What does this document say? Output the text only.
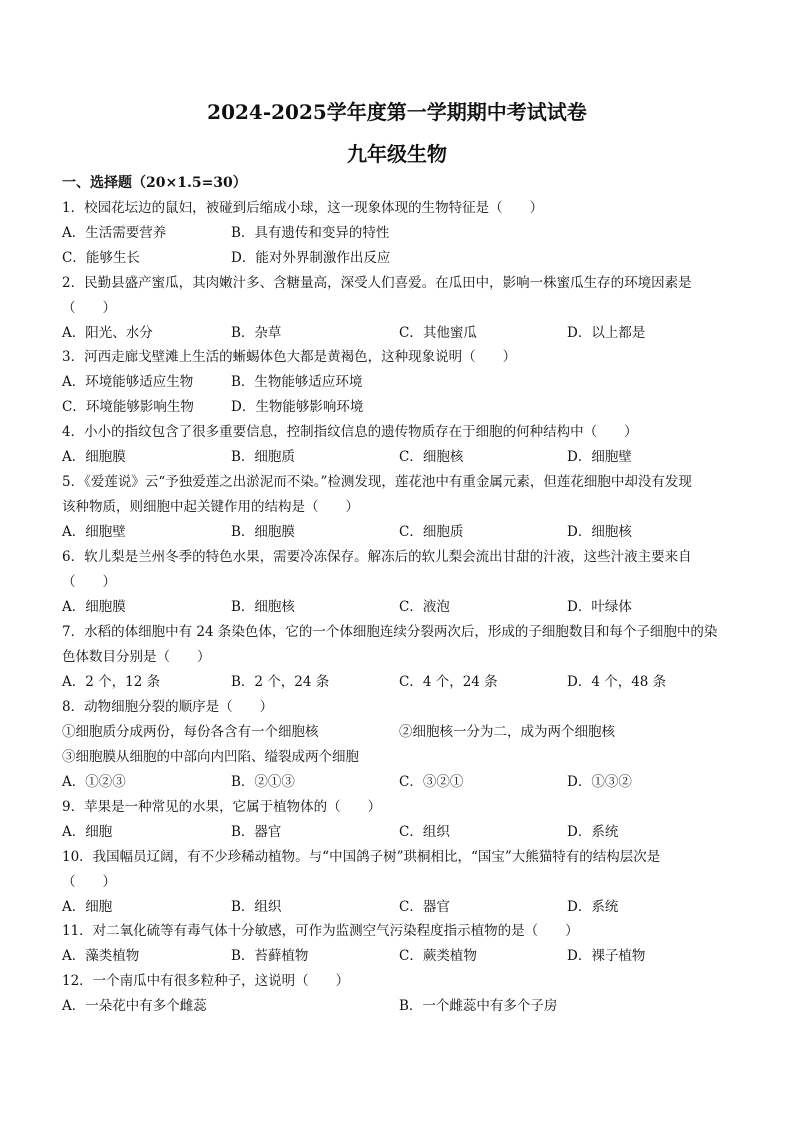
2024-2025学年度第一学期期中考试试卷
九年级生物
一、选择题（20×1.5=30）
1．校园花坛边的鼠妇，被碰到后缩成小球，这一现象体现的生物特征是（　　）
A．生活需要营养	B．具有遗传和变异的特性
C．能够生长	D．能对外界制激作出反应
2．民勤县盛产蜜瓜，其肉嫩汁多、含糖量高，深受人们喜爱。在瓜田中，影响一株蜜瓜生存的环境因素是
（　　）
A．阳光、水分	B．杂草	C．其他蜜瓜	D．以上都是
3．河西走廊戈壁滩上生活的蜥蜴体色大都是黄褐色，这种现象说明（　　）
A．环境能够适应生物	B．生物能够适应环境
C．环境能够影响生物	D．生物能够影响环境
4．小小的指纹包含了很多重要信息，控制指纹信息的遗传物质存在于细胞的何种结构中（　　）
A．细胞膜	B．细胞质	C．细胞核	D．细胞壁
5．《爱莲说》云“予独爱莲之出淤泥而不染。”检测发现，莲花池中有重金属元素，但莲花细胞中却没有发现
该种物质，则细胞中起关键作用的结构是（　　）
A．细胞壁	B．细胞膜	C．细胞质	D．细胞核
6．软儿梨是兰州冬季的特色水果，需要冷冻保存。解冻后的软儿梨会流出甘甜的汁液，这些汁液主要来自
（　　）
A．细胞膜	B．细胞核	C．液泡	D．叶绿体
7．水稻的体细胞中有 24 条染色体，它的一个体细胞连续分裂两次后，形成的子细胞数目和每个子细胞中的染
色体数目分别是（　　）
A．2 个，12 条	B．2 个，24 条	C．4 个，24 条	D．4 个，48 条
8．动物细胞分裂的顺序是（　　）
①细胞质分成两份，每份各含有一个细胞核	②细胞核一分为二，成为两个细胞核
③细胞膜从细胞的中部向内凹陷、缢裂成两个细胞
A．①②③	B．②①③	C．③②①	D．①③②
9．苹果是一种常见的水果，它属于植物体的（　　）
A．细胞	B．器官	C．组织	D．系统
10．我国幅员辽阔，有不少珍稀动植物。与“中国鸽子树”珙桐相比，“国宝”大熊猫特有的结构层次是
（　　）
A．细胞	B．组织	C．器官	D．系统
11．对二氧化硫等有毒气体十分敏感，可作为监测空气污染程度指示植物的是（　　）
A．藻类植物	B．苔藓植物	C．蕨类植物	D．裸子植物
12．一个南瓜中有很多粒种子，这说明（　　）
A．一朵花中有多个雌蕊	B．一个雌蕊中有多个子房
